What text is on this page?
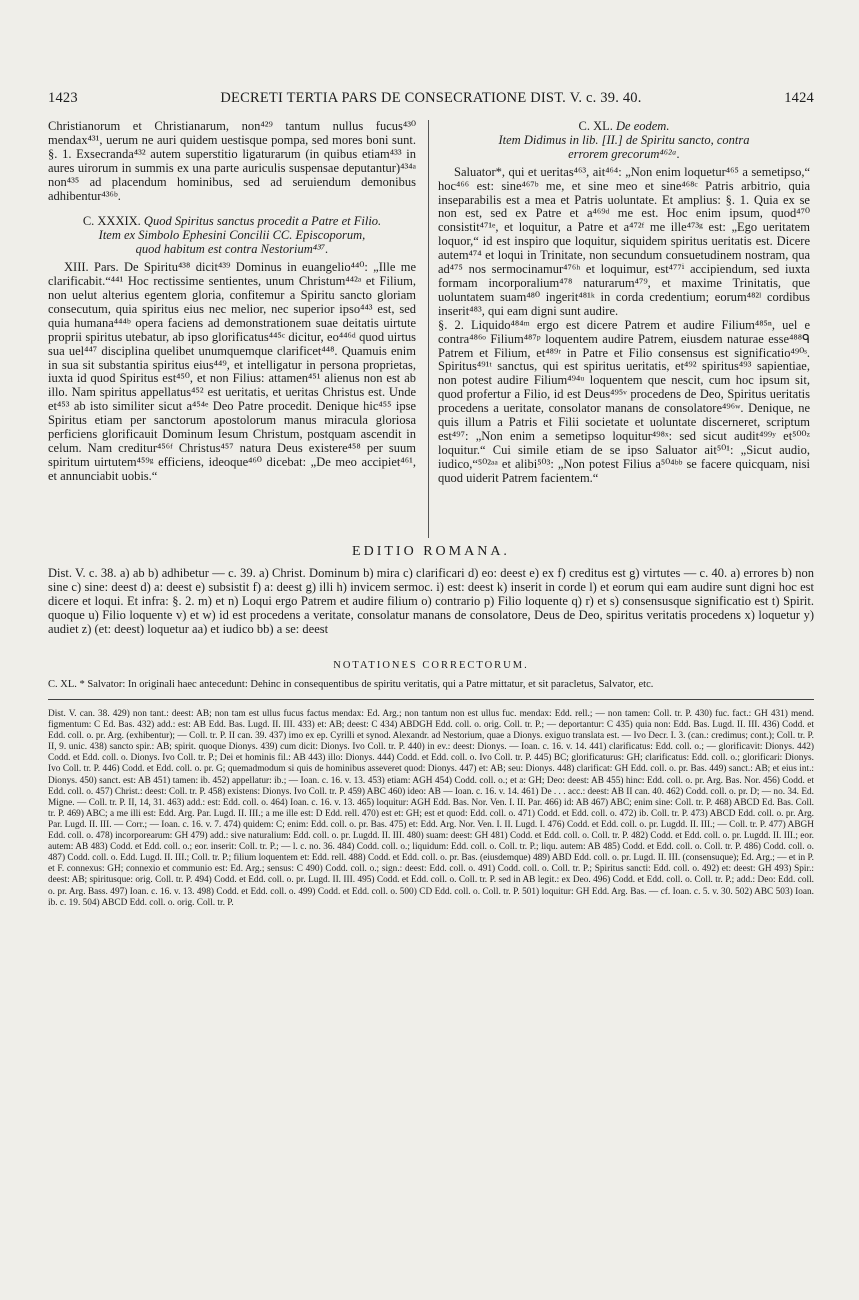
1423	DECRETI TERTIA PARS DE CONSECRATIONE DIST. V. c. 39. 40.	1424

Christianorum et Christianarum, non⁴²⁹ tantum nullus fucus⁴³⁰ mendax⁴³¹, uerum ne auri quidem uestisque pompa, sed mores boni sunt. §. 1. Exsecranda⁴³² autem superstitio ligaturarum (in quibus etiam⁴³³ in aures uirorum in summis ex una parte auriculis suspensae deputantur)⁴³⁴ᵃ non⁴³⁵ ad placendum hominibus, sed ad seruiendum demonibus adhibentur⁴³⁶ᵇ.

C. XXXIX. Quod Spiritus sanctus procedit a Patre et Filio.

Item ex Simbolo Ephesini Concilii CC. Episcoporum,

quod habitum est contra Nestorium⁴³⁷.

XIII. Pars. De Spiritu⁴³⁸ dicit⁴³⁹ Dominus in euangelio⁴⁴⁰: „Ille me clarificabit.“⁴⁴¹ Hoc rectissime sentientes, unum Christum⁴⁴²ᵃ et Filium, non uelut alterius egentem gloria, confitemur a Spiritu sancto gloriam consecutum, quia spiritus eius nec melior, nec superior ipso⁴⁴³ est, sed quia humana⁴⁴⁴ᵇ opera faciens ad demonstrationem suae deitatis uirtute proprii spiritus utebatur, ab ipso glorificatus⁴⁴⁵ᶜ dicitur, eo⁴⁴⁶ᵈ quod uirtus sua uel⁴⁴⁷ disciplina quelibet unumquemque clarificet⁴⁴⁸. Quamuis enim in sua sit substantia spiritus eius⁴⁴⁹, et intelligatur in persona proprietas, iuxta id quod Spiritus est⁴⁵⁰, et non Filius: attamen⁴⁵¹ alienus non est ab illo. Nam spiritus appellatus⁴⁵² est ueritatis, et ueritas Christus est. Unde et⁴⁵³ ab isto similiter sicut a⁴⁵⁴ᵉ Deo Patre procedit. Denique hic⁴⁵⁵ ipse Spiritus etiam per sanctorum apostolorum manus miracula gloriosa perficiens glorificauit Dominum Iesum Christum, postquam ascendit in celum. Nam creditur⁴⁵⁶ᶠ Christus⁴⁵⁷ natura Deus existere⁴⁵⁸ per suum spiritum uirtutem⁴⁵⁹ᵍ efficiens, ideoque⁴⁶⁰ dicebat: „De meo accipiet⁴⁶¹, et annunciabit uobis.“

C. XL. De eodem.

Item Didimus in lib. [II.] de Spiritu sancto, contra

errorem grecorum⁴⁶²ᵃ.

Saluator*, qui et ueritas⁴⁶³, ait⁴⁶⁴: „Non enim loquetur⁴⁶⁵ a semetipso,“ hoc⁴⁶⁶ est: sine⁴⁶⁷ᵇ me, et sine meo et sine⁴⁶⁸ᶜ Patris arbitrio, quia inseparabilis est a mea et Patris uoluntate. Et amplius: §. 1. Quia ex se non est, sed ex Patre et a⁴⁶⁹ᵈ me est. Hoc enim ipsum, quod⁴⁷⁰ consistit⁴⁷¹ᵉ, et loquitur, a Patre et a⁴⁷²ᶠ me ille⁴⁷³ᵍ est: „Ego ueritatem loquor,“ id est inspiro que loquitur, siquidem spiritus ueritatis est. Dicere autem⁴⁷⁴ et loqui in Trinitate, non secundum consuetudinem nostram, qua ad⁴⁷⁵ nos sermocinamur⁴⁷⁶ʰ et loquimur, est⁴⁷⁷ⁱ accipiendum, sed iuxta formam incorporalium⁴⁷⁸ naturarum⁴⁷⁹, et maxime Trinitatis, que uoluntatem suam⁴⁸⁰ ingerit⁴⁸¹ᵏ in corda credentium; eorum⁴⁸²ˡ cordibus inserit⁴⁸³, qui eam digni sunt audire.

§. 2. Liquido⁴⁸⁴ᵐ ergo est dicere Patrem et audire Filium⁴⁸⁵ⁿ, uel e contra⁴⁸⁶ᵒ Filium⁴⁸⁷ᵖ loquentem audire Patrem, eiusdem naturae esse⁴⁸⁸ᑫ Patrem et Filium, et⁴⁸⁹ʳ in Patre et Filio consensus est significatio⁴⁹⁰ˢ. Spiritus⁴⁹¹ᵗ sanctus, qui est spiritus ueritatis, et⁴⁹² spiritus⁴⁹³ sapientiae, non potest audire Filium⁴⁹⁴ᵘ loquentem que nescit, cum hoc ipsum sit, quod profertur a Filio, id est Deus⁴⁹⁵ᵛ procedens de Deo, Spiritus ueritatis procedens a ueritate, consolator manans de consolatore⁴⁹⁶ʷ. Denique, ne quis illum a Patris et Filii societate et uoluntate discerneret, scriptum est⁴⁹⁷: „Non enim a semetipso loquitur⁴⁹⁸ˣ: sed sicut audit⁴⁹⁹ʸ et⁵⁰⁰ᶻ loquitur.“ Cui simile etiam de se ipso Saluator ait⁵⁰¹: „Sicut audio, iudico,“⁵⁰²ᵃᵃ et alibi⁵⁰³: „Non potest Filius a⁵⁰⁴ᵇᵇ se facere quicquam, nisi quod uiderit Patrem facientem.“

EDITIO ROMANA.
Dist. V. c. 38. a) ab b) adhibetur — c. 39. a) Christ. Dominum b) mira c) clarificari d) eo: deest e) ex f) creditus est g) virtutes — c. 40. a) errores b) non sine c) sine: deest d) a: deest e) subsistit f) a: deest g) illi h) invicem sermoc. i) est: deest k) inserit in corde l) et eorum qui eam audire sunt digni hoc est dicere et loqui. Et infra: §. 2. m) et n) Loqui ergo Patrem et audire filium o) contrario p) Filio loquente q) r) et s) consensusque significatio est t) Spirit. quoque u) Filio loquente v) et w) id est procedens a veritate, consolatur manans de consolatore, Deus de Deo, spiritus veritatis procedens x) loquetur y) audiet z) (et: deest) loquetur aa) et iudico bb) a se: deest
NOTATIONES CORRECTORUM.
C. XL. * Salvator: In originali haec antecedunt: Dehinc in consequentibus de spiritu veritatis, qui a Patre mittatur, et sit paracletus, Salvator, etc.
Dist. V. can. 38. 429) non tant.: deest: AB; non tam est ullus fucus factus mendax: Ed. Arg.; non tantum non est ullus fuc. mendax: Edd. rell.; — non tamen: Coll. tr. P. 430) fuc. fact.: GH 431) mend. figmentum: C Ed. Bas. 432) add.: est: AB Edd. Bas. Lugd. II. III. 433) et: AB; deest: C 434) ABDGH Edd. coll. o. orig. Coll. tr. P.; — deportantur: C 435) quia non: Edd. Bas. Lugd. II. III. 436) Codd. et Edd. coll. o. pr. Arg. (exhibentur); — Coll. tr. P. II can. 39. 437) imo ex ep. Cyrilli et synod. Alexandr. ad Nestorium, quae a Dionys. exiguo translata est. — Ivo Decr. I. 3. (can.: credimus; cont.); Coll. tr. P. II, 9. unic. 438) sancto spir.: AB; spirit. quoque Dionys. 439) cum dicit: Dionys. Ivo Coll. tr. P. 440) in ev.: deest: Dionys. — Ioan. c. 16. v. 14. 441) clarificatus: Edd. coll. o.; — glorificavit: Dionys. 442) Codd. et Edd. coll. o. Dionys. Ivo Coll. tr. P.; Dei et hominis fil.: AB 443) illo: Dionys. 444) Codd. et Edd. coll. o. Ivo Coll. tr. P. 445) BC; glorificaturus: GH; clarificatus: Edd. coll. o.; glorificari: Dionys. Ivo Coll. tr. P. 446) Codd. et Edd. coll. o. pr. G; quemadmodum si quis de hominibus asseveret quod: Dionys. 447) et: AB; seu: Dionys. 448) clarificat: GH Edd. coll. o. pr. Bas. 449) sanct.: AB; et eius int.: Dionys. 450) sanct. est: AB 451) tamen: ib. 452) appellatur: ib.; — Ioan. c. 16. v. 13. 453) etiam: AGH 454) Codd. coll. o.; et a: GH; Deo: deest: AB 455) hinc: Edd. coll. o. pr. Arg. Bas. Nor. 456) Codd. et Edd. coll. o. 457) Christ.: deest: Coll. tr. P. 458) existens: Dionys. Ivo Coll. tr. P. 459) ABC 460) ideo: AB — Ioan. c. 16. v. 14. 461) De . . . acc.: deest: AB II can. 40. 462) Codd. coll. o. pr. D; — no. 34. Ed. Migne. — Coll. tr. P. II, 14, 31. 463) add.: est: Edd. coll. o. 464) Ioan. c. 16. v. 13. 465) loquitur: AGH Edd. Bas. Nor. Ven. I. II. Par. 466) id: AB 467) ABC; enim sine: Coll. tr. P. 468) ABCD Ed. Bas. Coll. tr. P. 469) ABC; a me illi est: Edd. Arg. Par. Lugd. II. III.; a me ille est: D Edd. rell. 470) est et: GH; est et quod: Edd. coll. o. 471) Codd. et Edd. coll. o. 472) ib. Coll. tr. P. 473) ABCD Edd. coll. o. pr. Arg. Par. Lugd. II. III. — Corr.; — Ioan. c. 16. v. 7. 474) quidem: C; enim: Edd. coll. o. pr. Bas. 475) et: Edd. Arg. Nor. Ven. I. II. Lugd. I. 476) Codd. et Edd. coll. o. pr. Lugdd. II. III.; — Coll. tr. P. 477) ABGH Edd. coll. o. 478) incorporearum: GH 479) add.: sive naturalium: Edd. coll. o. pr. Lugdd. II. III. 480) suam: deest: GH 481) Codd. et Edd. coll. o. Coll. tr. P. 482) Codd. et Edd. coll. o. pr. Lugdd. II. III.; eor. autem: AB 483) Codd. et Edd. coll. o.; eor. inserit: Coll. tr. P.; — l. c. no. 36. 484) Codd. coll. o.; liquidum: Edd. coll. o. Coll. tr. P.; liqu. autem: AB 485) Codd. et Edd. coll. o. Coll. tr. P. 486) Codd. coll. o. 487) Codd. coll. o. Edd. Lugd. II. III.; Coll. tr. P.; filium loquentem et: Edd. rell. 488) Codd. et Edd. coll. o. pr. Bas. (eiusdemque) 489) ABD Edd. coll. o. pr. Lugd. II. III. (consensuque); Ed. Arg.; — et in P. et F. connexus: GH; connexio et communio est: Ed. Arg.; sensus: C 490) Codd. coll. o.; sign.: deest: Edd. coll. o. 491) Codd. coll. o. Coll. tr. P.; Spiritus sancti: Edd. coll. o. 492) et: deest: GH 493) Spir.: deest: AB; spiritusque: orig. Coll. tr. P. 494) Codd. et Edd. coll. o. pr. Lugd. II. III. 495) Codd. et Edd. coll. o. Coll. tr. P. sed in AB legit.: ex Deo. 496) Codd. et Edd. coll. o. Coll. tr. P.; add.: Deo: Edd. coll. o. pr. Arg. Bass. 497) Ioan. c. 16. v. 13. 498) Codd. et Edd. coll. o. 499) Codd. et Edd. coll. o. 500) CD Edd. coll. o. Coll. tr. P. 501) loquitur: GH Edd. Arg. Bas. — cf. Ioan. c. 5. v. 30. 502) ABC 503) Ioan. ib. c. 19. 504) ABCD Edd. coll. o. orig. Coll. tr. P.
